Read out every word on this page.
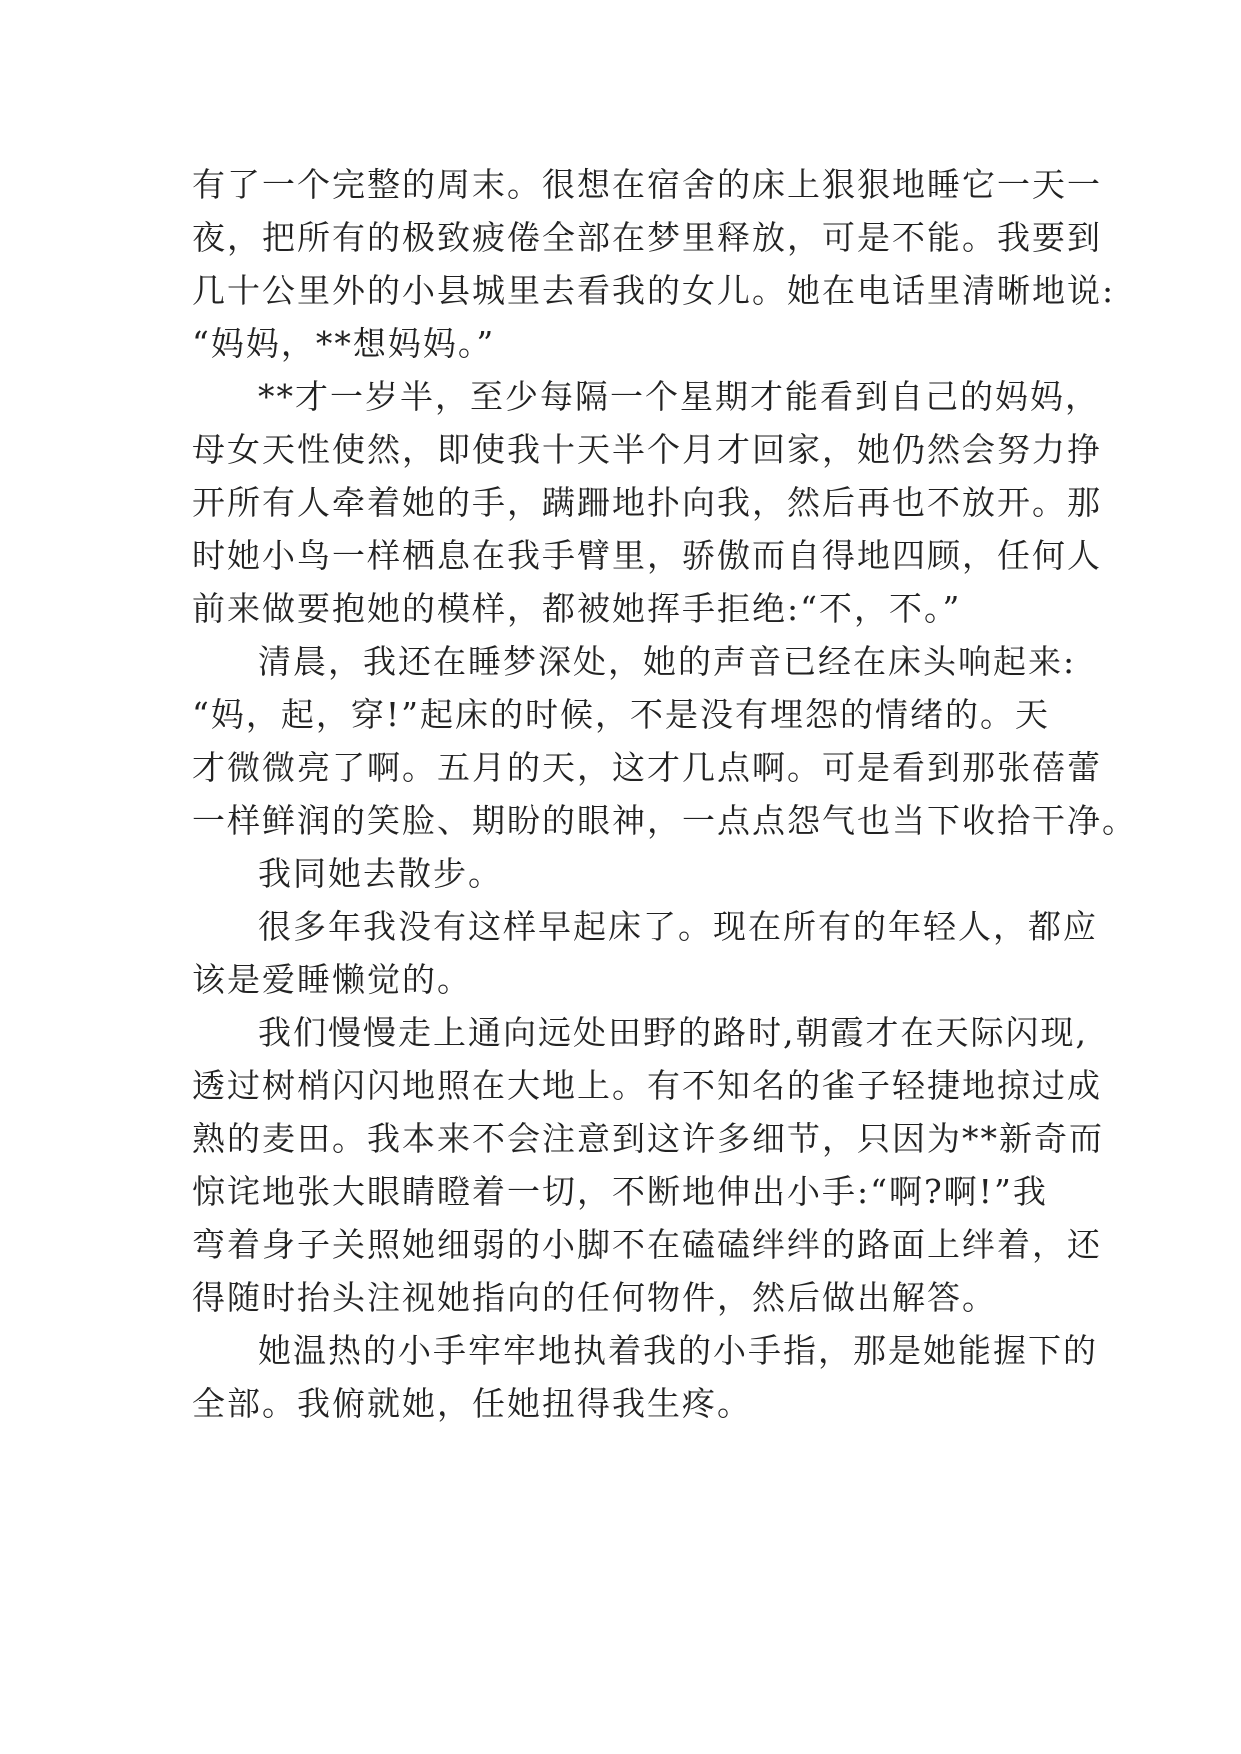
有了一个完整的周末。很想在宿舍的床上狠狠地睡它一天一
夜，把所有的极致疲倦全部在梦里释放，可是不能。我要到
几十公里外的小县城里去看我的女儿。她在电话里清晰地说:
“妈妈，**想妈妈。”
**才一岁半，至少每隔一个星期才能看到自己的妈妈，
母女天性使然，即使我十天半个月才回家，她仍然会努力挣
开所有人牵着她的手，蹒跚地扑向我，然后再也不放开。那
时她小鸟一样栖息在我手臂里，骄傲而自得地四顾，任何人
前来做要抱她的模样，都被她挥手拒绝:“不，不。”
清晨，我还在睡梦深处，她的声音已经在床头响起来:
“妈，起，穿!”起床的时候，不是没有埋怨的情绪的。天
才微微亮了啊。五月的天，这才几点啊。可是看到那张蓓蕾
一样鲜润的笑脸、期盼的眼神，一点点怨气也当下收拾干净。
我同她去散步。
很多年我没有这样早起床了。现在所有的年轻人，都应
该是爱睡懒觉的。
我们慢慢走上通向远处田野的路时,朝霞才在天际闪现,
透过树梢闪闪地照在大地上。有不知名的雀子轻捷地掠过成
熟的麦田。我本来不会注意到这许多细节，只因为**新奇而
惊诧地张大眼睛瞪着一切，不断地伸出小手:“啊?啊!”我
弯着身子关照她细弱的小脚不在磕磕绊绊的路面上绊着，还
得随时抬头注视她指向的任何物件，然后做出解答。
她温热的小手牢牢地执着我的小手指，那是她能握下的
全部。我俯就她，任她扭得我生疼。
